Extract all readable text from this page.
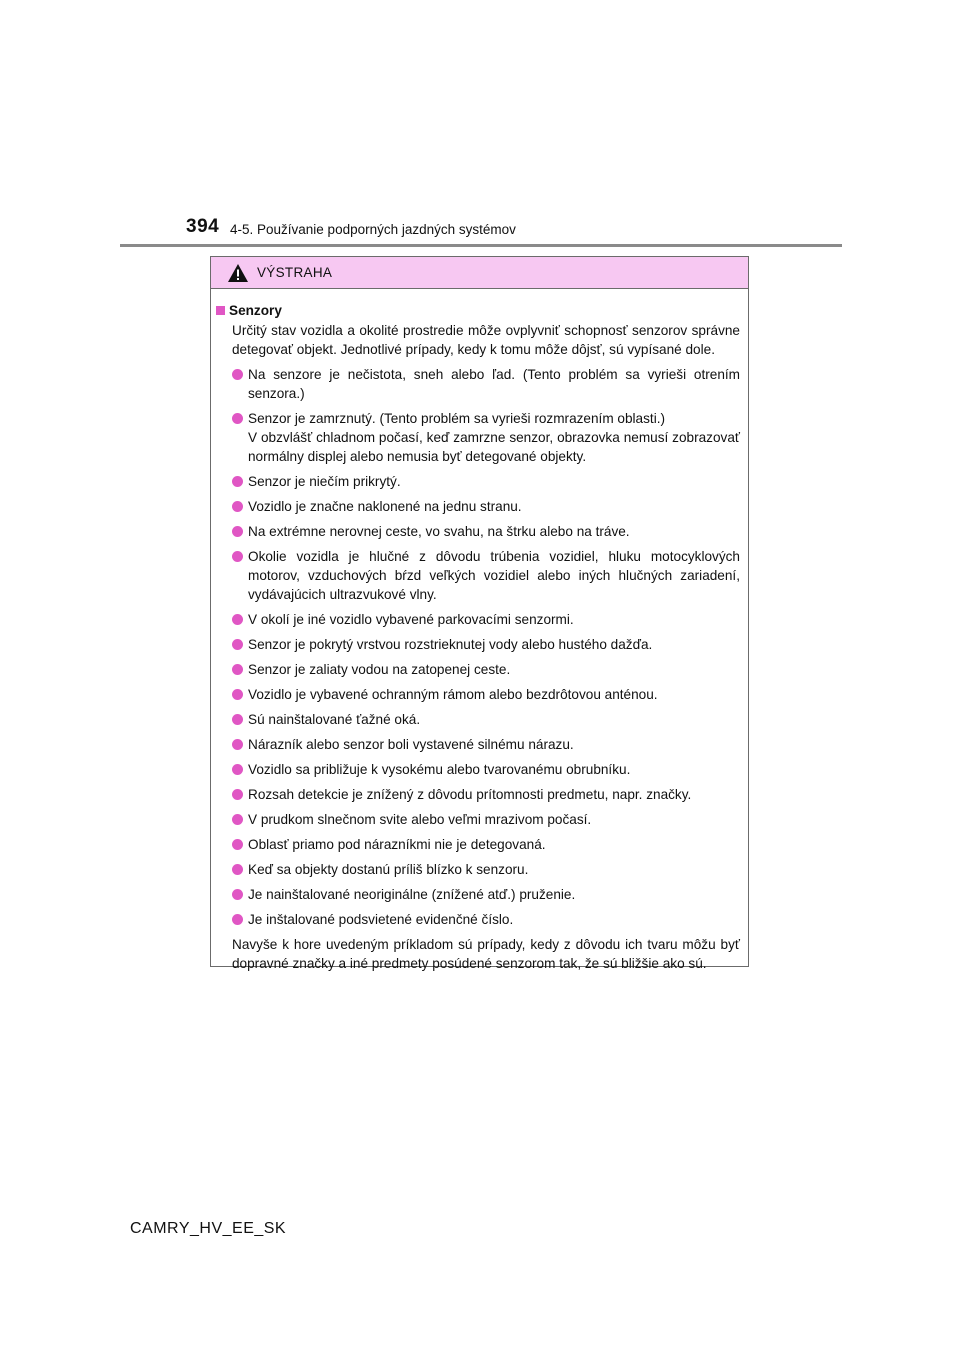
394 4-5. Používanie podporných jazdných systémov
VÝSTRAHA
Senzory

Určitý stav vozidla a okolité prostredie môže ovplyvniť schopnosť senzorov správne detegovať objekt. Jednotlivé prípady, kedy k tomu môže dôjsť, sú vypísané dole.

Na senzore je nečistota, sneh alebo ľad. (Tento problém sa vyrieši otrením senzora.)
Senzor je zamrznutý. (Tento problém sa vyrieši rozmrazením oblasti.)
V obzvlášť chladnom počasí, keď zamrzne senzor, obrazovka nemusí zobrazovať normálny displej alebo nemusia byť detegované objekty.
Senzor je niečím prikrytý.
Vozidlo je značne naklonené na jednu stranu.
Na extrémne nerovnej ceste, vo svahu, na štrku alebo na tráve.
Okolie vozidla je hlučné z dôvodu trúbenia vozidiel, hluku motocyklových motorov, vzduchových bŕzd veľkých vozidiel alebo iných hlučných zariadení, vydávajúcich ultrazvukové vlny.
V okolí je iné vozidlo vybavené parkovacími senzormi.
Senzor je pokrytý vrstvou rozstrieknutej vody alebo hustého dažďa.
Senzor je zaliaty vodou na zatopenej ceste.
Vozidlo je vybavené ochranným rámom alebo bezdrôtovou anténou.
Sú nainštalované ťažné oká.
Nárazník alebo senzor boli vystavené silnému nárazu.
Vozidlo sa približuje k vysokému alebo tvarovanému obrubníku.
Rozsah detekcie je znížený z dôvodu prítomnosti predmetu, napr. značky.
V prudkom slnečnom svite alebo veľmi mrazivom počasí.
Oblasť priamo pod nárazníkmi nie je detegovaná.
Keď sa objekty dostanú príliš blízko k senzoru.
Je nainštalované neoriginálne (znížené atď.) pruženie.
Je inštalované podsvietené evidenčné číslo.

Navyše k hore uvedeným príkladom sú prípady, kedy z dôvodu ich tvaru môžu byť dopravné značky a iné predmety posúdené senzorom tak, že sú bližšie ako sú.

CAMRY_HV_EE_SK
